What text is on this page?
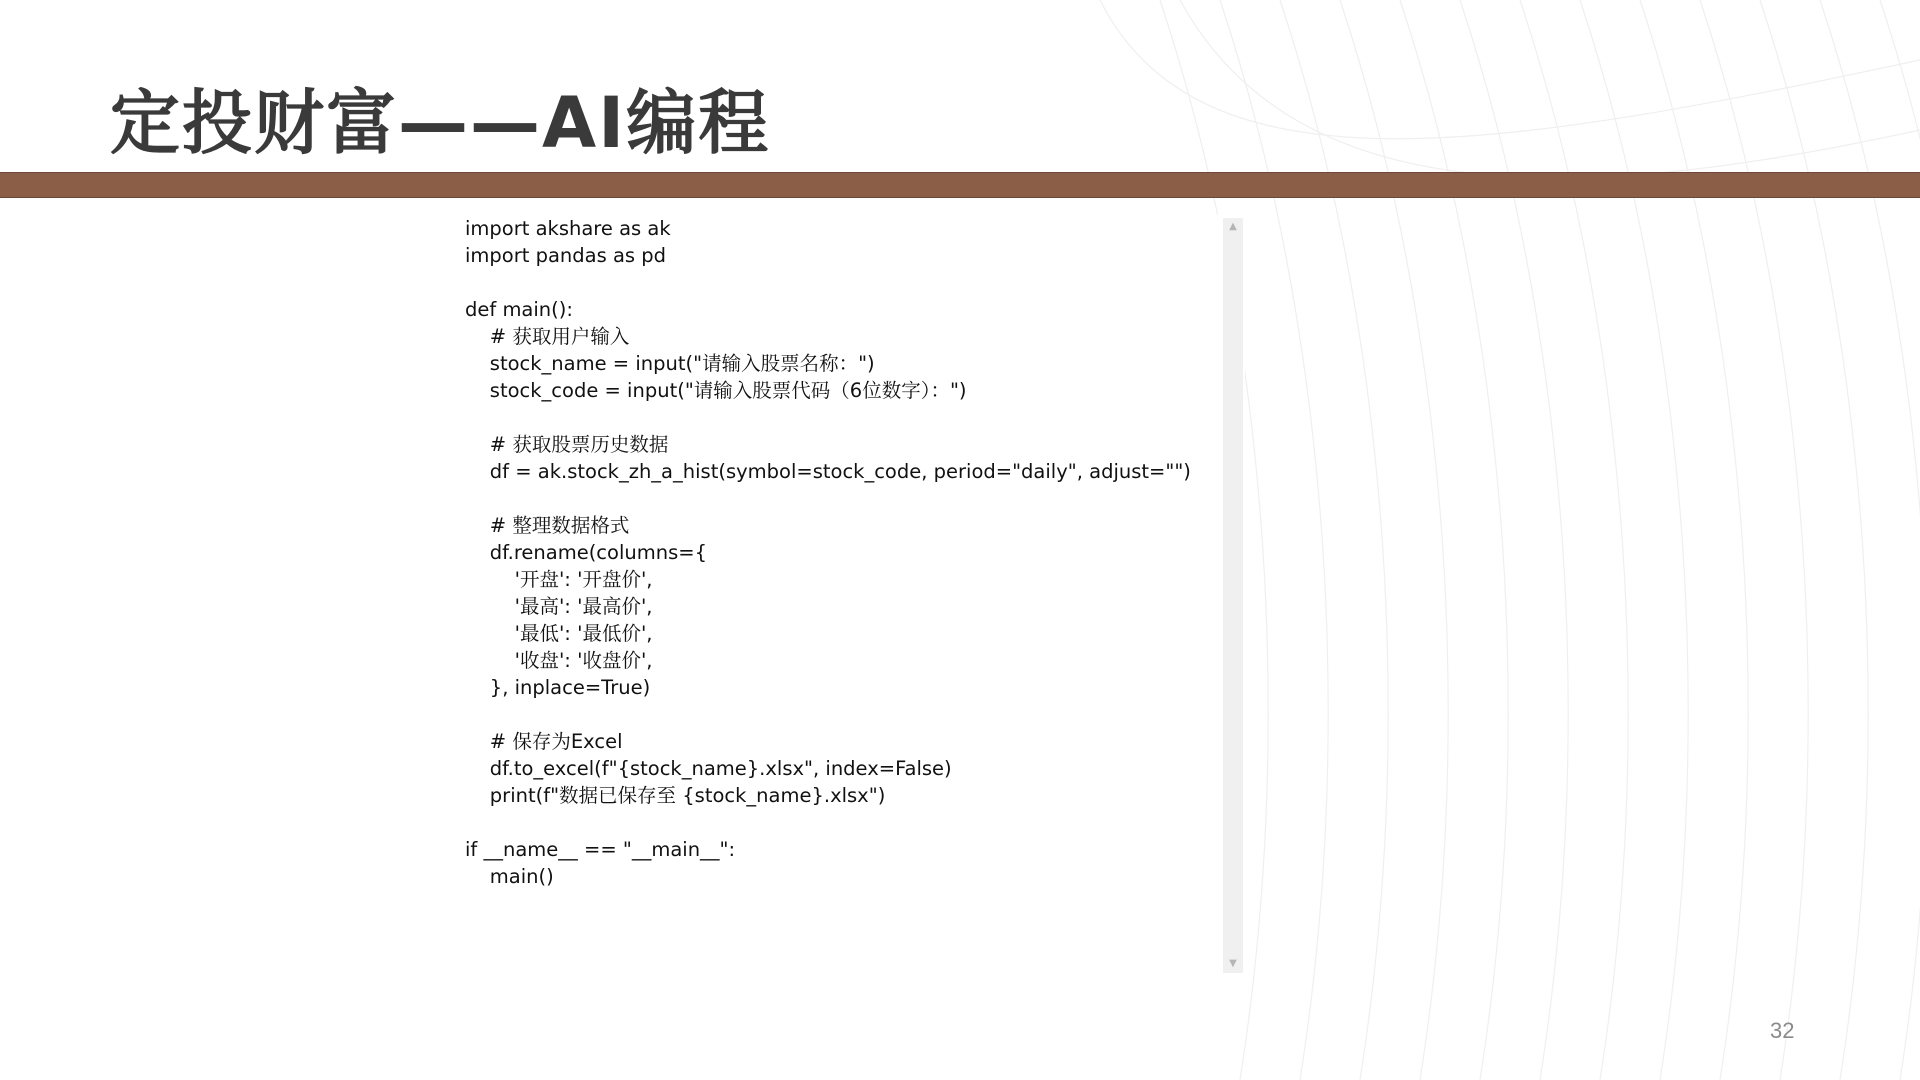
定投财富——AI编程
import akshare as ak
import pandas as pd
def main():
# 获取用户输入
stock_name = input("请输入股票名称：")
stock_code = input("请输入股票代码（6位数字）：")
# 获取股票历史数据
df = ak.stock_zh_a_hist(symbol=stock_code, period="daily", adjust="")
# 整理数据格式
df.rename(columns={
'开盘': '开盘价',
'最高': '最高价',
'最低': '最低价',
'收盘': '收盘价',
}, inplace=True)
# 保存为Excel
df.to_excel(f"{stock_name}.xlsx", index=False)
print(f"数据已保存至 {stock_name}.xlsx")
if __name__ == "__main__":
main()
▲
▼
32
